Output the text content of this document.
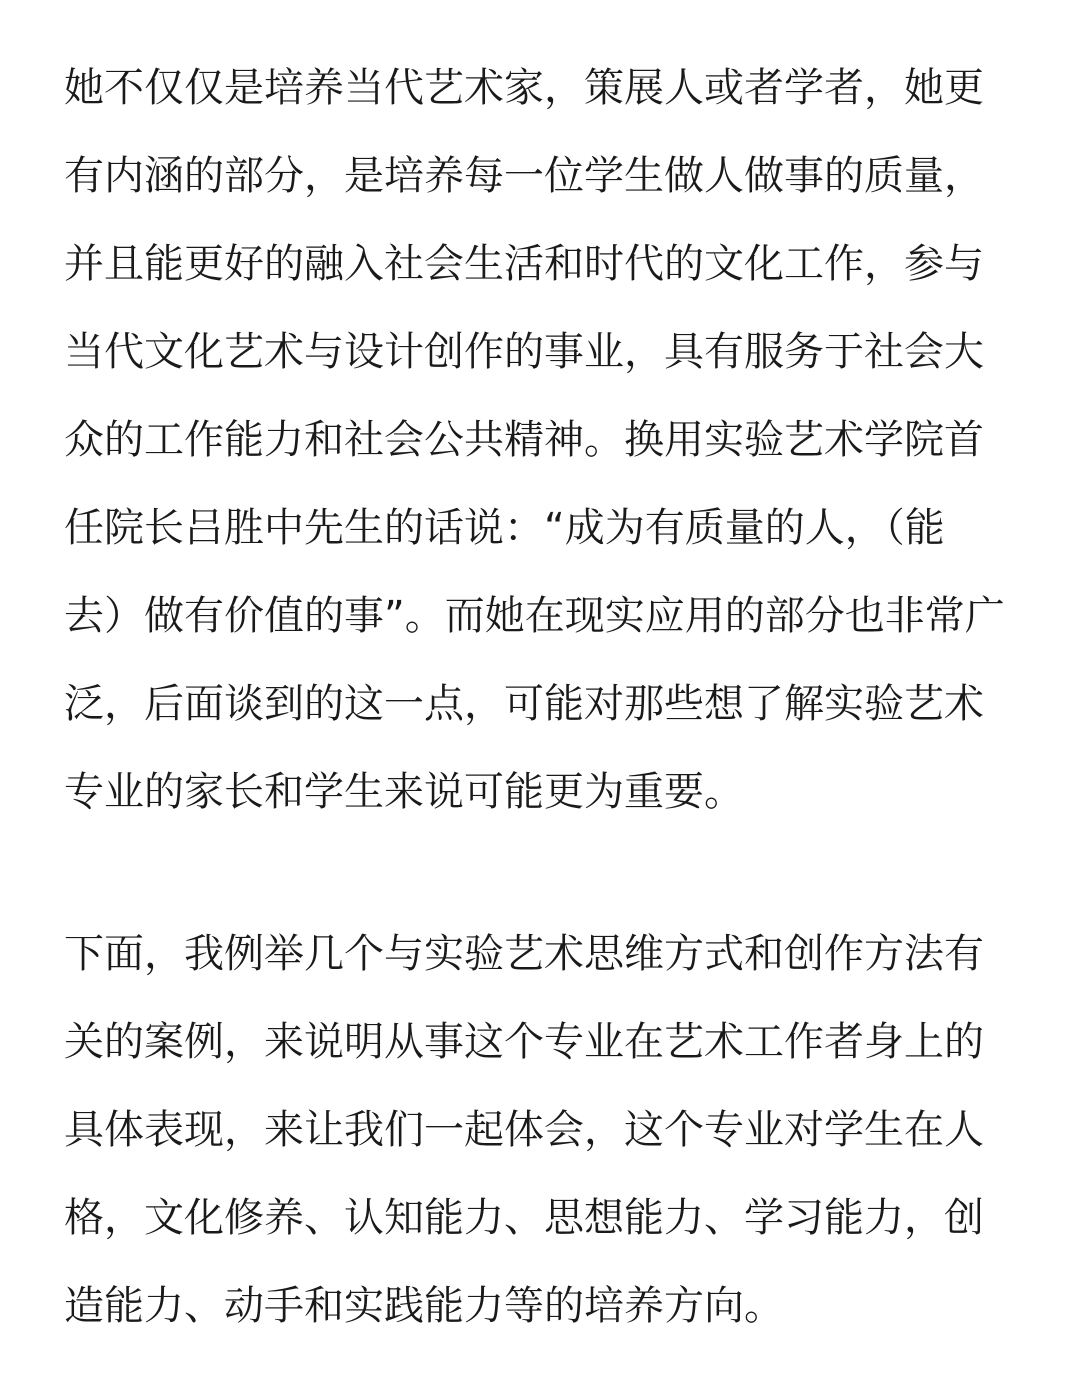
她不仅仅是培养当代艺术家，策展人或者学者，她更
有内涵的部分，是培养每一位学生做人做事的质量，
并且能更好的融入社会生活和时代的文化工作，参与
当代文化艺术与设计创作的事业，具有服务于社会大
众的工作能力和社会公共精神。换用实验艺术学院首
任院长吕胜中先生的话说：“成为有质量的人，（能
去）做有价值的事”。而她在现实应用的部分也非常广
泛，后面谈到的这一点，可能对那些想了解实验艺术
专业的家长和学生来说可能更为重要。
下面，我例举几个与实验艺术思维方式和创作方法有
关的案例，来说明从事这个专业在艺术工作者身上的
具体表现，来让我们一起体会，这个专业对学生在人
格，文化修养、认知能力、思想能力、学习能力，创
造能力、动手和实践能力等的培养方向。
